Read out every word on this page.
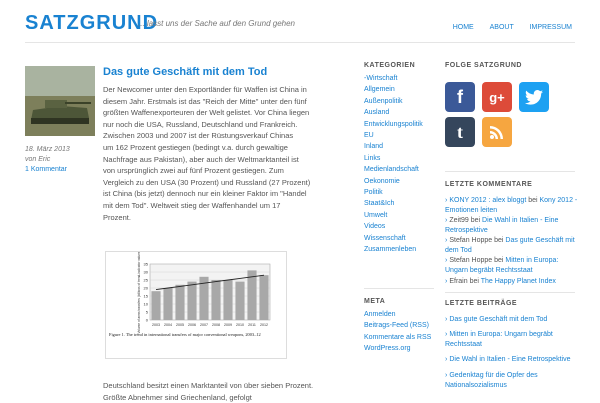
SATZGRUND
... lasst uns der Sache auf den Grund gehen	HOME ABOUT IMPRESSUM
18. März 2013
von Eric
1 Kommentar
Das gute Geschäft mit dem Tod
Der Newcomer unter den Exportländer für Waffen ist China in
diesem Jahr. Erstmals ist das "Reich der Mitte" unter den fünf
größten Waffenexporteuren der Welt gelistet. Vor China liegen
nur noch die USA, Russland, Deutschland und Frankreich.
Zwischen 2003 und 2007 ist der Rüstungsverkauf Chinas
um 162 Prozent gestiegen (bedingt v.a. durch gewaltige
Nachfrage aus Pakistan), aber auch der Weltmarktanteil ist
von ursprünglich zwei auf fünf Prozent gestiegen. Zum
Vergleich zu den USA (30 Prozent) und Russland (27 Prozent)
ist China (bis jetzt) dennoch nur ein kleiner Faktor im "Handel
mit dem Tod". Weltweit stieg der Waffenhandel um 17
Prozent.
0
5
10
15
20
25
30
35
2003 2004 2005 2006 2007 2008 2009 2010 2011 2012
Volume of arms transfers (billions of trend-indicator values)
Figure 1. The trend in international transfers of major conventional weapons, 2003–12
Deutschland besitzt einen Marktanteil von über sieben Prozent.
Größte Abnehmer sind Griechenland, gefolgt
KATEGORIEN
-Wirtschaft
Allgemein
Außenpolitik
Ausland
Entwicklungspolitik
EU
Inland
Links
Medienlandschaft
Oekonomie
Politik
Staat&Ich
Umwelt
Videos
Wissenschaft
Zusammenleben
META
Anmelden
Beitrags-Feed (RSS)
Kommentare als RSS
WordPress.org
FOLGE SATZGRUND
f	g+
t
LETZTE KOMMENTARE
› KONY 2012 : alex bloggt bei Kony 2012 - Emotionen leiten
› Zeit99 bei Die Wahl in Italien - Eine Retrospektive
› Stefan Hoppe bei Das gute Geschäft mit dem Tod
› Stefan Hoppe bei Mitten in Europa: Ungarn begräbt Rechtsstaat
› Efrain bei The Happy Planet Index
LETZTE BEITRÄGE
› Das gute Geschäft mit dem Tod
› Mitten in Europa: Ungarn begräbt Rechtsstaat
› Die Wahl in Italien - Eine Retrospektive
› Gedenktag für die Opfer des Nationalsozialismus
